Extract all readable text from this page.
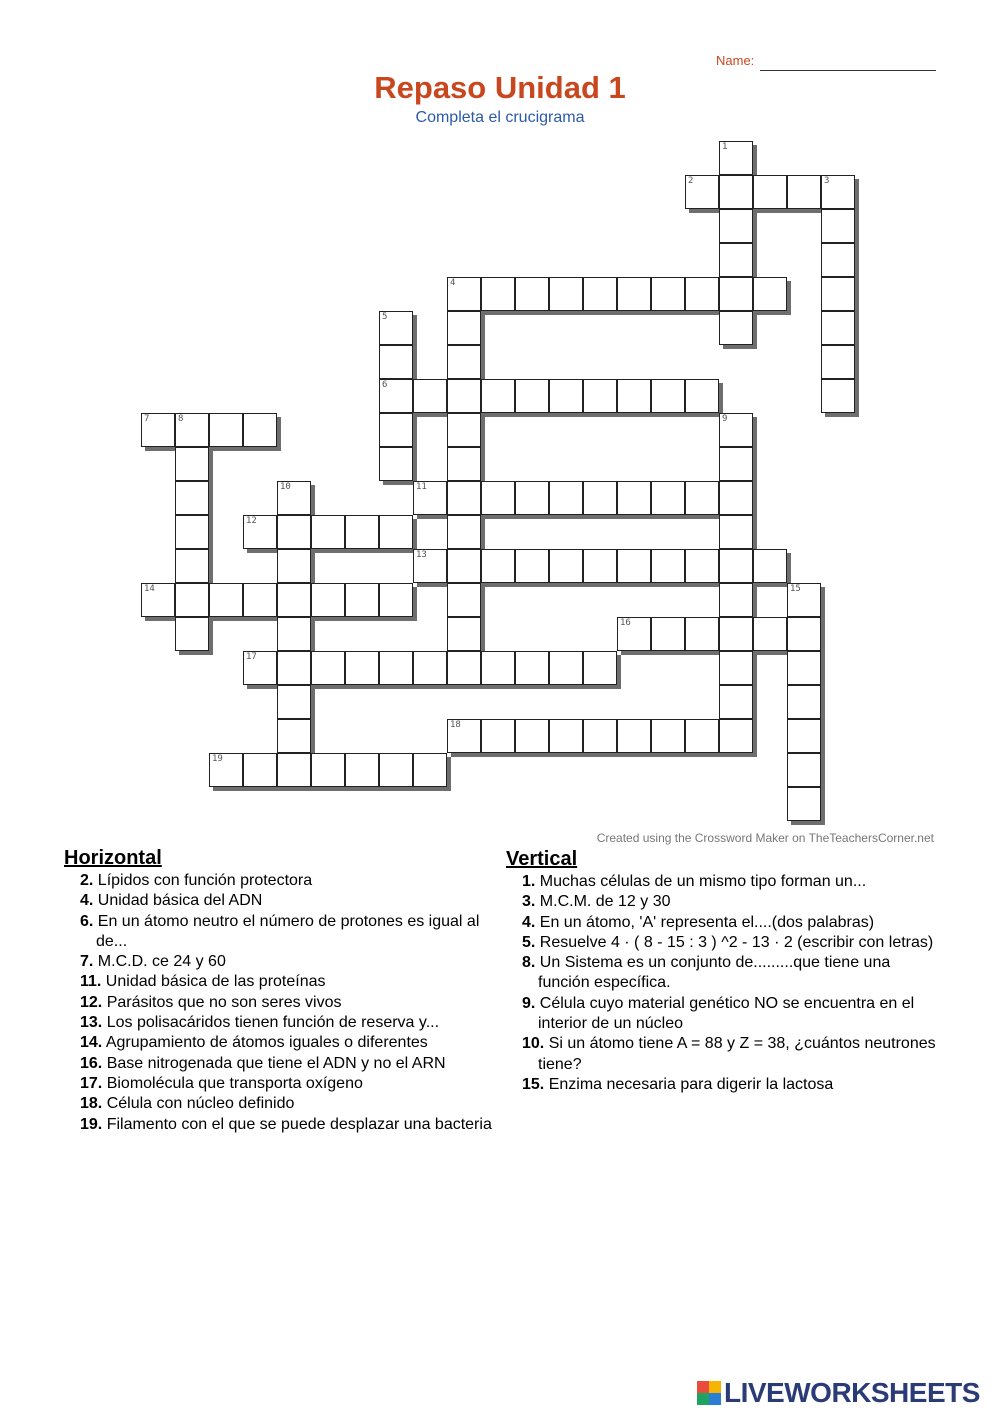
Name:
Repaso Unidad 1
Completa el crucigrama
1
2	3
4
5
6
7	8	9
10	11
12
13
14	15
16
17
18
19
Created using the Crossword Maker on TheTeachersCorner.net
Horizontal

2. Lípidos con función protectora

4. Unidad básica del ADN

6. En un átomo neutro el número de protones es igual al de...

7. M.C.D. ce 24 y 60

11. Unidad básica de las proteínas

12. Parásitos que no son seres vivos

13. Los polisacáridos tienen función de reserva y...

14. Agrupamiento de átomos iguales o diferentes

16. Base nitrogenada que tiene el ADN y no el ARN

17. Biomolécula que transporta oxígeno

18. Célula con núcleo definido

19. Filamento con el que se puede desplazar una bacteria

Vertical

1. Muchas células de un mismo tipo forman un...

3. M.C.M. de 12 y 30

4. En un átomo, 'A' representa el....(dos palabras)

5. Resuelve 4 · ( 8 - 15 : 3 ) ^2 - 13 · 2 (escribir con letras)

8. Un Sistema es un conjunto de.........que tiene una función específica.

9. Célula cuyo material genético NO se encuentra en el interior de un núcleo

10. Si un átomo tiene A = 88 y Z = 38, ¿cuántos neutrones tiene?

15. Enzima necesaria para digerir la lactosa

LIVEWORKSHEETS
